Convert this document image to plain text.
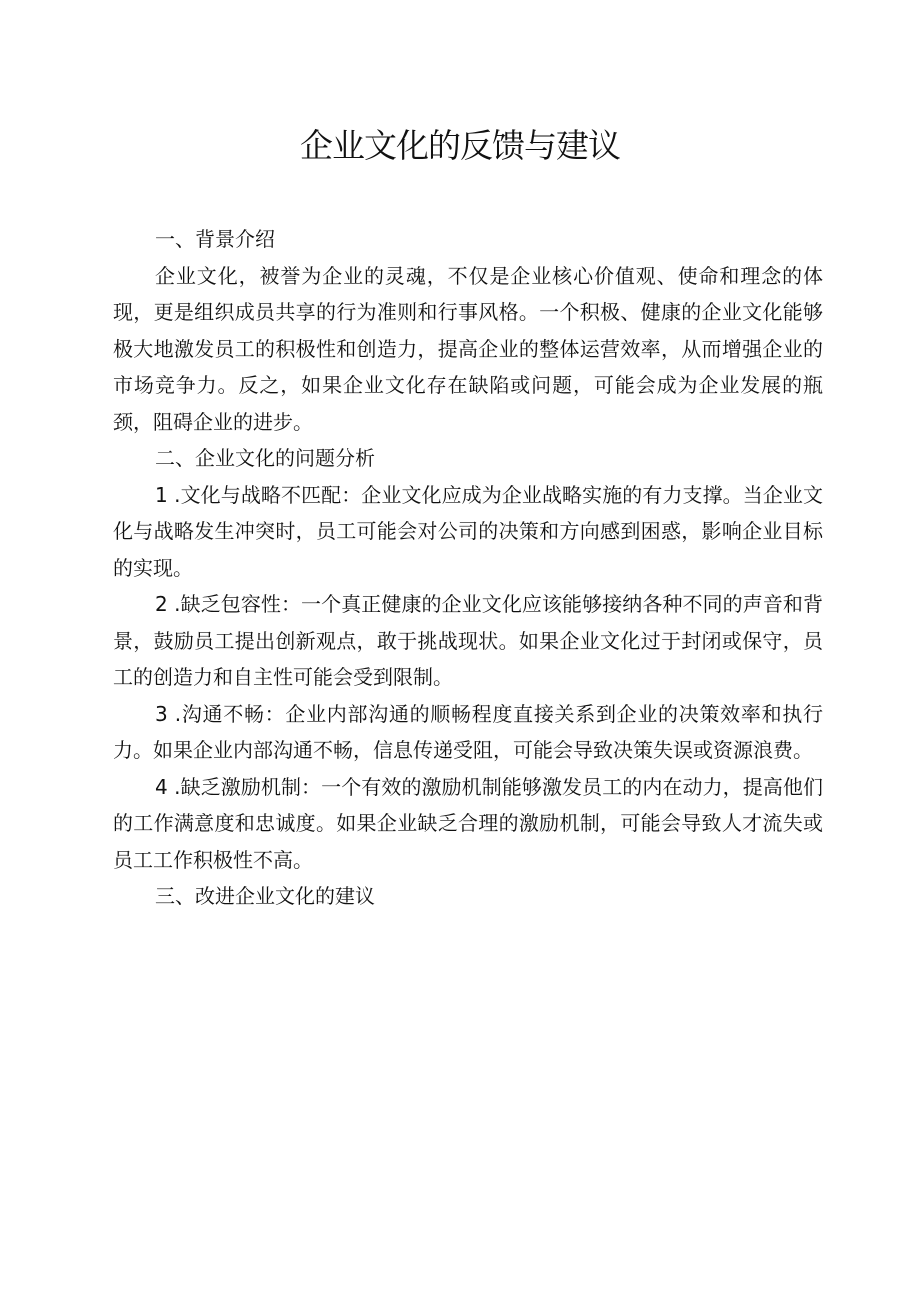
企业文化的反馈与建议

一、背景介绍

企业文化，被誉为企业的灵魂，不仅是企业核心价值观、使命和理念的体现，更是组织成员共享的行为准则和行事风格。一个积极、健康的企业文化能够极大地激发员工的积极性和创造力，提高企业的整体运营效率，从而增强企业的市场竞争力。反之，如果企业文化存在缺陷或问题，可能会成为企业发展的瓶颈，阻碍企业的进步。

二、企业文化的问题分析

1 .文化与战略不匹配：企业文化应成为企业战略实施的有力支撑。当企业文化与战略发生冲突时，员工可能会对公司的决策和方向感到困惑，影响企业目标的实现。

2 .缺乏包容性：一个真正健康的企业文化应该能够接纳各种不同的声音和背景，鼓励员工提出创新观点，敢于挑战现状。如果企业文化过于封闭或保守，员工的创造力和自主性可能会受到限制。

3 .沟通不畅：企业内部沟通的顺畅程度直接关系到企业的决策效率和执行力。如果企业内部沟通不畅，信息传递受阻，可能会导致决策失误或资源浪费。

4 .缺乏激励机制：一个有效的激励机制能够激发员工的内在动力，提高他们的工作满意度和忠诚度。如果企业缺乏合理的激励机制，可能会导致人才流失或员工工作积极性不高。

三、改进企业文化的建议
